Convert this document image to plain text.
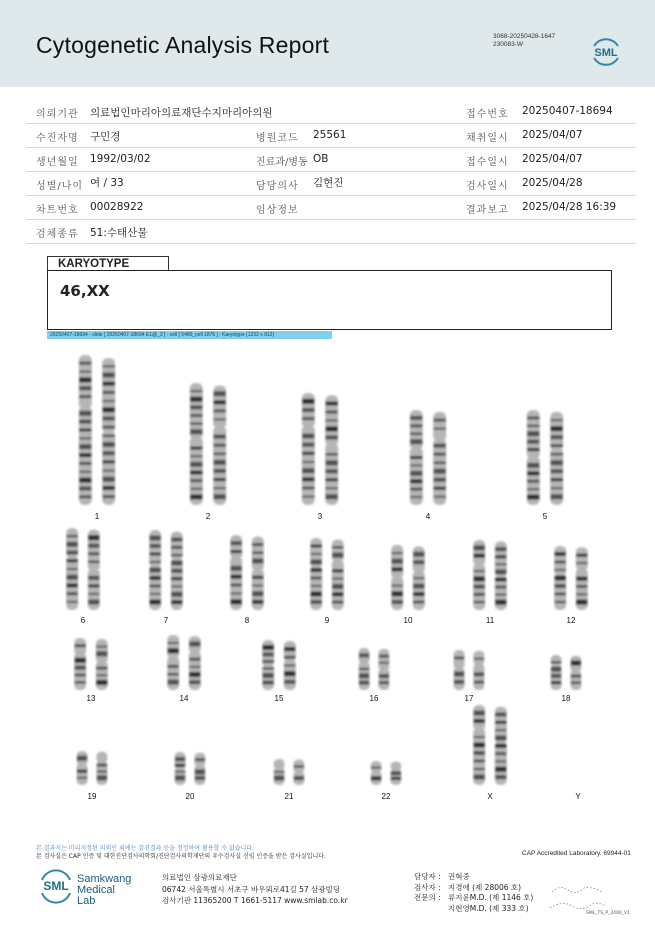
Cytogenetic Analysis Report	3068-20250428-1647
230083-W
SML
의뢰기관 의료법인마리아의료재단수지마리아의원	접수번호 20250407-18694
수진자명 구민경	병원코드 25561	채취일시 2025/04/07
생년월일 1992/03/02	진료과/병동 OB	접수일시 2025/04/07
성별/나이 여 / 33	담당의사 김현진	검사일시 2025/04/28
차트번호 00028922	임상정보	결과보고 2025/04/28 16:39
검체종류 51:수태산물
KARYOTYPE
46,XX
20250407-18694 - slide [ 20250407-18694 E1@_3 ] : cell [ 5480_cell 1876 ] : Karyotype (1232 x 912)
1	2	3	4	5
6	7	8	9	10	11	12
13	14	15	16	17	18
19	20	21	22	X	Y
본 결과지는 미리지정된 의뢰인 외에는 검진결과 등을 정정하여 활용할 수 없습니다.
본 검사실은 CAP 인증 및 대한진단검사의학회/진단검사의학재단의 우수검사실 신임 인증을 받은 검사실입니다.	CAP Accredited Laboratory. 69944-01
SML Samkwang
Medical Lab
의료법인 삼광의료재단
06742 서울특별시 서초구 바우뫼로41길 57 삼광빌딩
검사기관 11365200 T 1661-5117 www.smlab.co.kr
담당자 : 권혁중
검사자 : 지경애 (제 28006 호)
전문의 : 류지윤M.D. (제 1146 호)
지현영M.D. (제 333 호)
SML_TS_P_2400_V1
